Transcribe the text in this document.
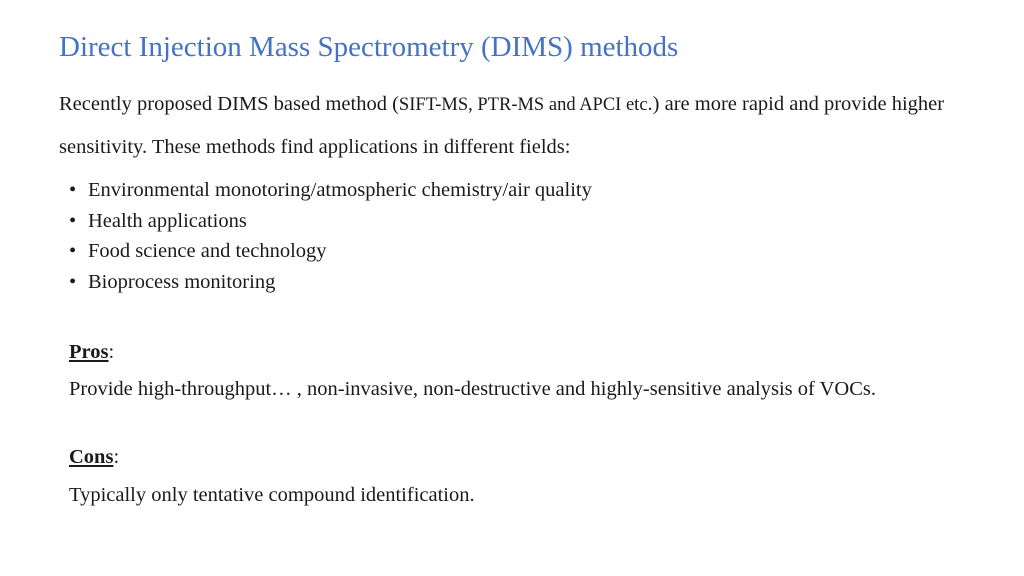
Direct Injection Mass Spectrometry (DIMS) methods

Recently proposed DIMS based method (SIFT-MS, PTR-MS and APCI etc.) are more rapid and provide higher sensitivity. These methods find applications in different fields:

• Environmental monotoring/atmospheric chemistry/air quality
• Health applications
• Food science and technology
• Bioprocess monitoring

Pros:

Provide high-throughput… , non-invasive, non-destructive and highly-sensitive analysis of VOCs.

Cons:

Typically only tentative compound identification.
